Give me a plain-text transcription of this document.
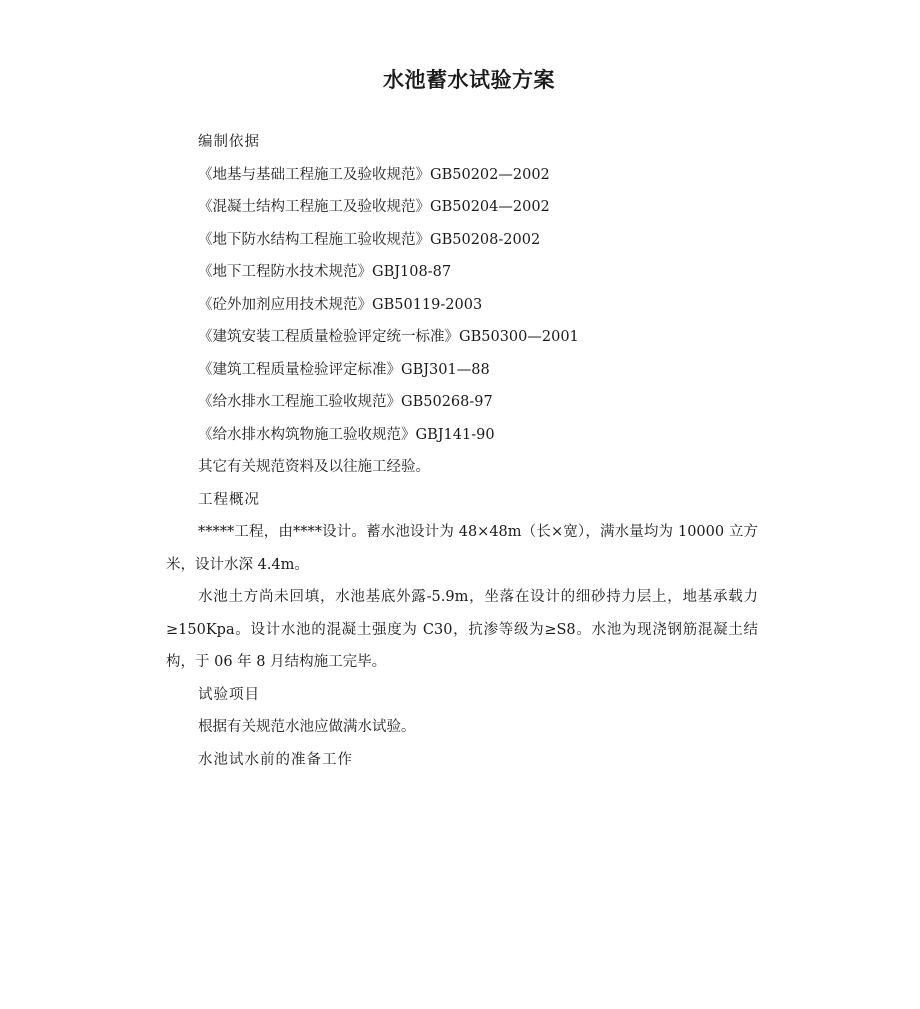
水池蓄水试验方案

编制依据

《地基与基础工程施工及验收规范》GB50202—2002

《混凝土结构工程施工及验收规范》GB50204—2002

《地下防水结构工程施工验收规范》GB50208-2002

《地下工程防水技术规范》GBJ108-87

《砼外加剂应用技术规范》GB50119-2003

《建筑安装工程质量检验评定统一标准》GB50300—2001

《建筑工程质量检验评定标准》GBJ301—88

《给水排水工程施工验收规范》GB50268-97

《给水排水构筑物施工验收规范》GBJ141-90

其它有关规范资料及以往施工经验。

工程概况

*****工程，由****设计。蓄水池设计为 48×48m（长×宽），满水量均为 10000 立方米，设计水深 4.4m。

水池土方尚未回填，水池基底外露-5.9m，坐落在设计的细砂持力层上，地基承载力≥150Kpa。设计水池的混凝土强度为 C30，抗渗等级为≥S8。水池为现浇钢筋混凝土结构，于 06 年 8 月结构施工完毕。

试验项目

根据有关规范水池应做满水试验。

水池试水前的准备工作
